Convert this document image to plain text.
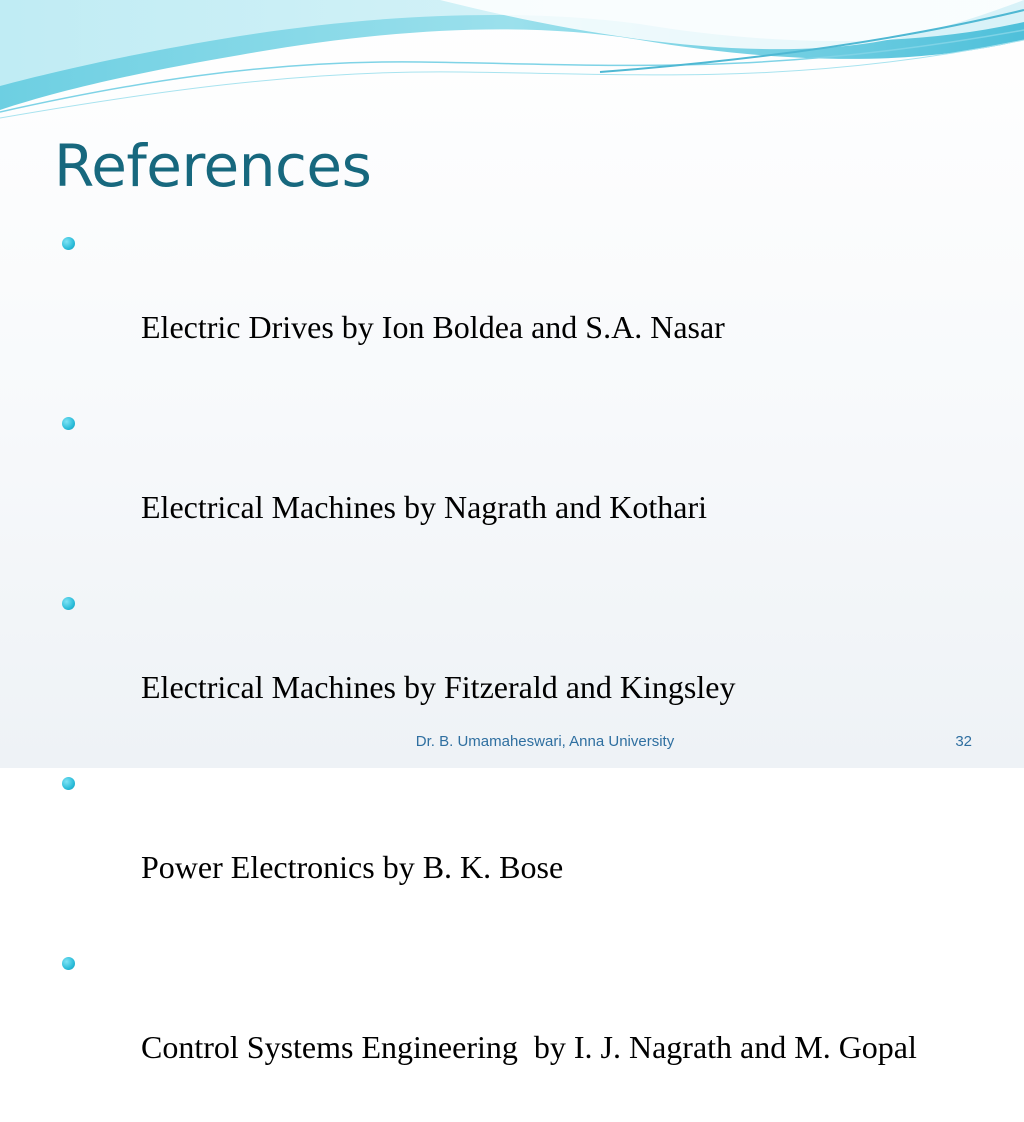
References

Electric Drives by Ion Boldea and S.A. Nasar

Electrical Machines by Nagrath and Kothari

Electrical Machines by Fitzerald and Kingsley

Power Electronics by B. K. Bose

Control Systems Engineering  by I. J. Nagrath and M. Gopal

Dr. B. Umamaheswari, Anna University	32
